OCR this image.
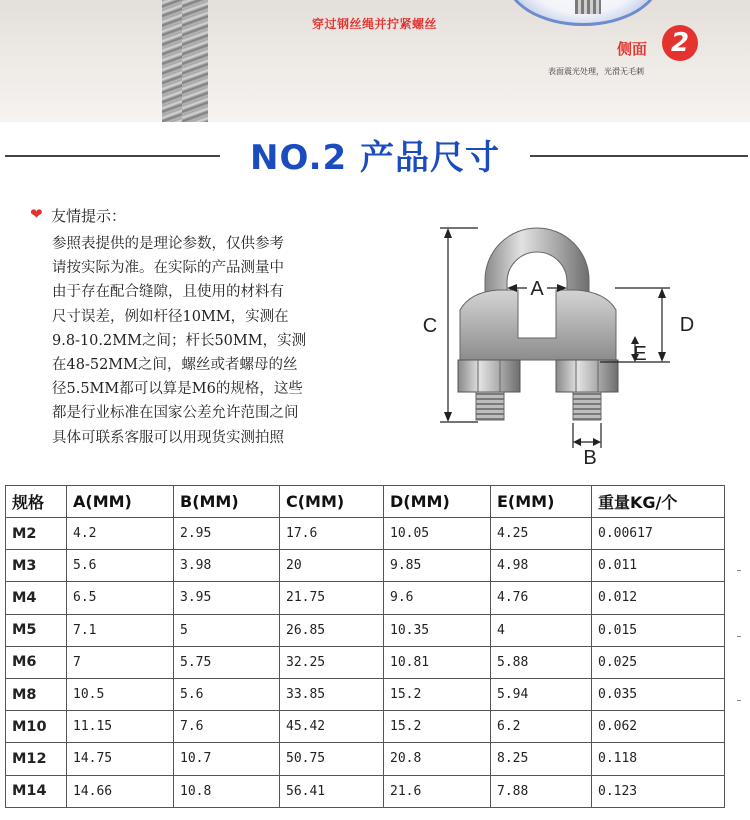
穿过钢丝绳并拧紧螺丝
侧面 2
表面震光处理，光滑无毛刺
NO.2 产品尺寸
❤ 友情提示：
参照表提供的是理论参数，仅供参考
请按实际为准。在实际的产品测量中
由于存在配合缝隙，且使用的材料有
尺寸误差，例如杆径10MM，实测在
9.8-10.2MM之间；杆长50MM，实测
在48-52MM之间，螺丝或者螺母的丝
径5.5MM都可以算是M6的规格，这些
都是行业标准在国家公差允许范围之间
具体可联系客服可以用现货实测拍照
C
A
D
E
B
规格	A(MM)	B(MM)	C(MM)	D(MM)	E(MM)	重量KG/个
M2	4.2	2.95	17.6	10.05	4.25	0.00617
M3	5.6	3.98	20	9.85	4.98	0.011
M4	6.5	3.95	21.75	9.6	4.76	0.012
M5	7.1	5	26.85	10.35	4	0.015
M6	7	5.75	32.25	10.81	5.88	0.025
M8	10.5	5.6	33.85	15.2	5.94	0.035
M10	11.15	7.6	45.42	15.2	6.2	0.062
M12	14.75	10.7	50.75	20.8	8.25	0.118
M14	14.66	10.8	56.41	21.6	7.88	0.123
